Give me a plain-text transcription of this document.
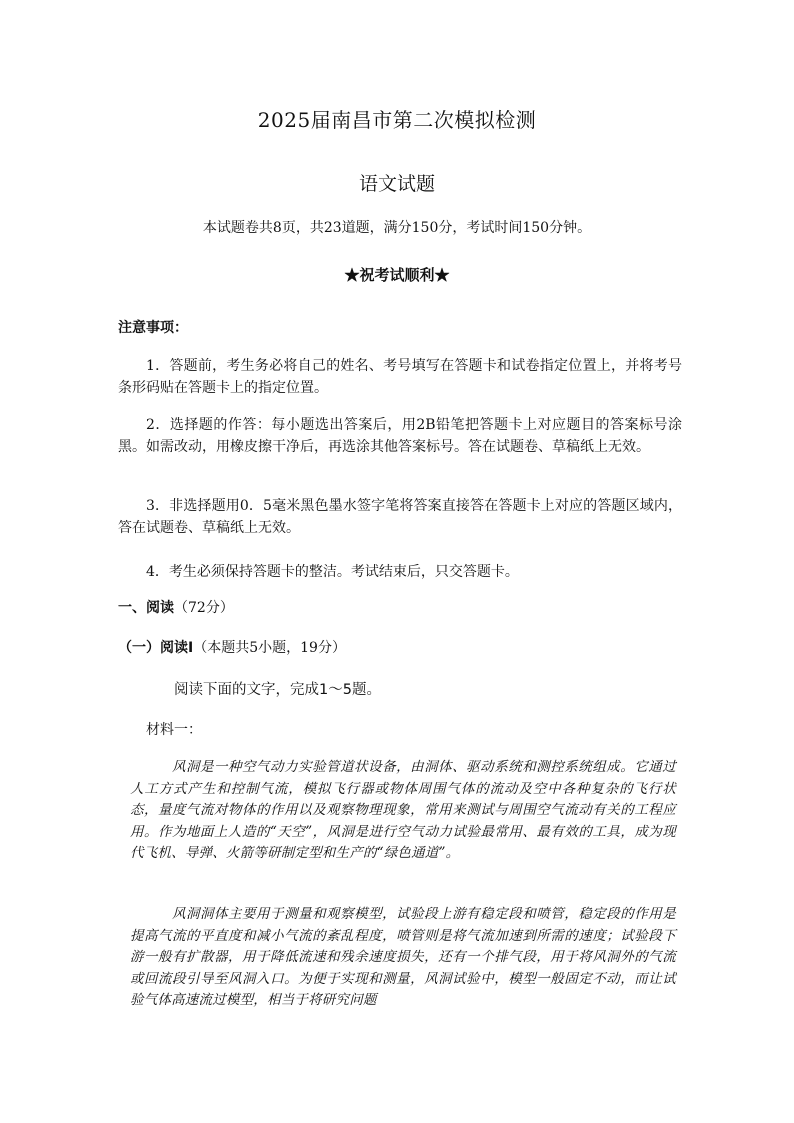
2025届南昌市第二次模拟检测
语文试题
本试题卷共8页，共23道题，满分150分，考试时间150分钟。
★祝考试顺利★
注意事项：

1．答题前，考生务必将自己的姓名、考号填写在答题卡和试卷指定位置上，并将考号条形码贴在答题卡上的指定位置。

2．选择题的作答：每小题选出答案后，用2B铅笔把答题卡上对应题目的答案标号涂黑。如需改动，用橡皮擦干净后，再选涂其他答案标号。答在试题卷、草稿纸上无效。

3．非选择题用0．5毫米黑色墨水签字笔将答案直接答在答题卡上对应的答题区域内，答在试题卷、草稿纸上无效。

4．考生必须保持答题卡的整洁。考试结束后，只交答题卡。

一、阅读（72分）
（一）阅读Ⅰ（本题共5小题，19分）
阅读下面的文字，完成1～5题。
材料一：

风洞是一种空气动力实验管道状设备，由洞体、驱动系统和测控系统组成。它通过人工方式产生和控制气流，模拟飞行器或物体周围气体的流动及空中各种复杂的飞行状态，量度气流对物体的作用以及观察物理现象，常用来测试与周围空气流动有关的工程应用。作为地面上人造的“天空”，风洞是进行空气动力试验最常用、最有效的工具，成为现代飞机、导弹、火箭等研制定型和生产的“绿色通道”。

风洞洞体主要用于测量和观察模型，试验段上游有稳定段和喷管，稳定段的作用是提高气流的平直度和减小气流的紊乱程度，喷管则是将气流加速到所需的速度；试验段下游一般有扩散器，用于降低流速和残余速度损失，还有一个排气段，用于将风洞外的气流或回流段引导至风洞入口。为便于实现和测量，风洞试验中，模型一般固定不动，而让试验气体高速流过模型，相当于将研究问题
